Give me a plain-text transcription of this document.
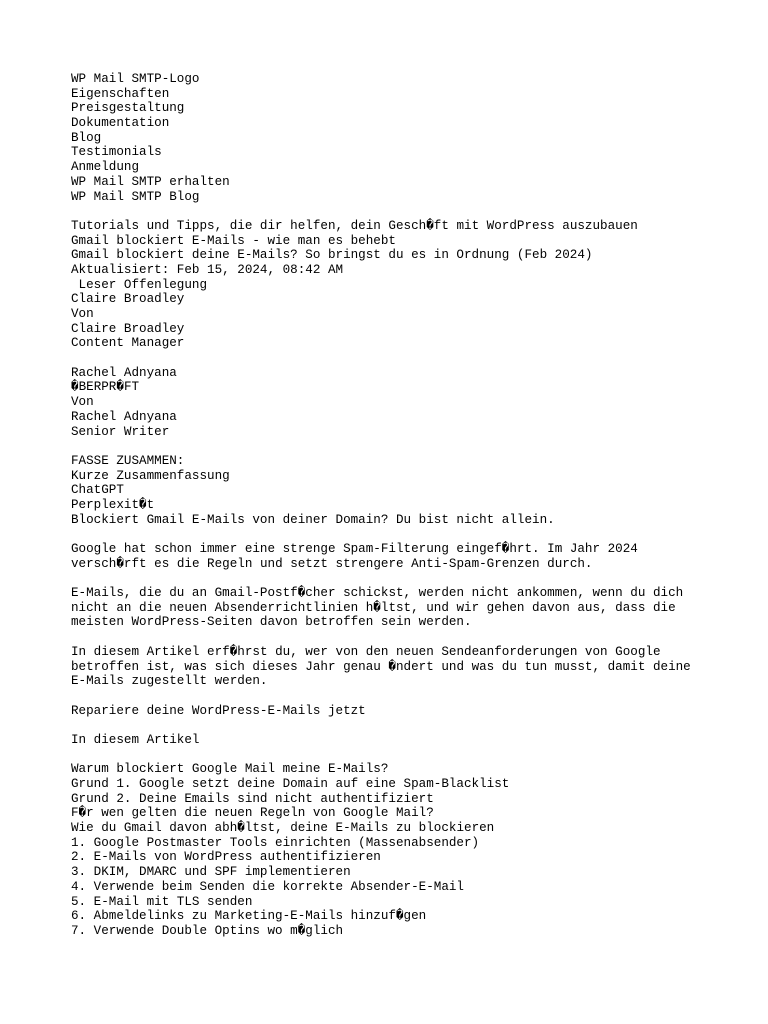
WP Mail SMTP-Logo
Eigenschaften
Preisgestaltung
Dokumentation
Blog
Testimonials
Anmeldung
WP Mail SMTP erhalten
WP Mail SMTP Blog
Tutorials und Tipps, die dir helfen, dein Gesch�ft mit WordPress auszubauen
Gmail blockiert E-Mails - wie man es behebt
Gmail blockiert deine E-Mails? So bringst du es in Ordnung (Feb 2024)
Aktualisiert: Feb 15, 2024, 08:42 AM
Leser Offenlegung
Claire Broadley
Von
Claire Broadley
Content Manager
Rachel Adnyana
�BERPR�FT
Von
Rachel Adnyana
Senior Writer
FASSE ZUSAMMEN:
Kurze Zusammenfassung
ChatGPT
Perplexit�t
Blockiert Gmail E-Mails von deiner Domain? Du bist nicht allein.
Google hat schon immer eine strenge Spam-Filterung eingef�hrt. Im Jahr 2024
versch�rft es die Regeln und setzt strengere Anti-Spam-Grenzen durch.
E-Mails, die du an Gmail-Postf�cher schickst, werden nicht ankommen, wenn du dich
nicht an die neuen Absenderrichtlinien h�ltst, und wir gehen davon aus, dass die
meisten WordPress-Seiten davon betroffen sein werden.
In diesem Artikel erf�hrst du, wer von den neuen Sendeanforderungen von Google
betroffen ist, was sich dieses Jahr genau �ndert und was du tun musst, damit deine
E-Mails zugestellt werden.
Repariere deine WordPress-E-Mails jetzt
In diesem Artikel
Warum blockiert Google Mail meine E-Mails?
Grund 1. Google setzt deine Domain auf eine Spam-Blacklist
Grund 2. Deine Emails sind nicht authentifiziert
F�r wen gelten die neuen Regeln von Google Mail?
Wie du Gmail davon abh�ltst, deine E-Mails zu blockieren
1. Google Postmaster Tools einrichten (Massenabsender)
2. E-Mails von WordPress authentifizieren
3. DKIM, DMARC und SPF implementieren
4. Verwende beim Senden die korrekte Absender-E-Mail
5. E-Mail mit TLS senden
6. Abmeldelinks zu Marketing-E-Mails hinzuf�gen
7. Verwende Double Optins wo m�glich
